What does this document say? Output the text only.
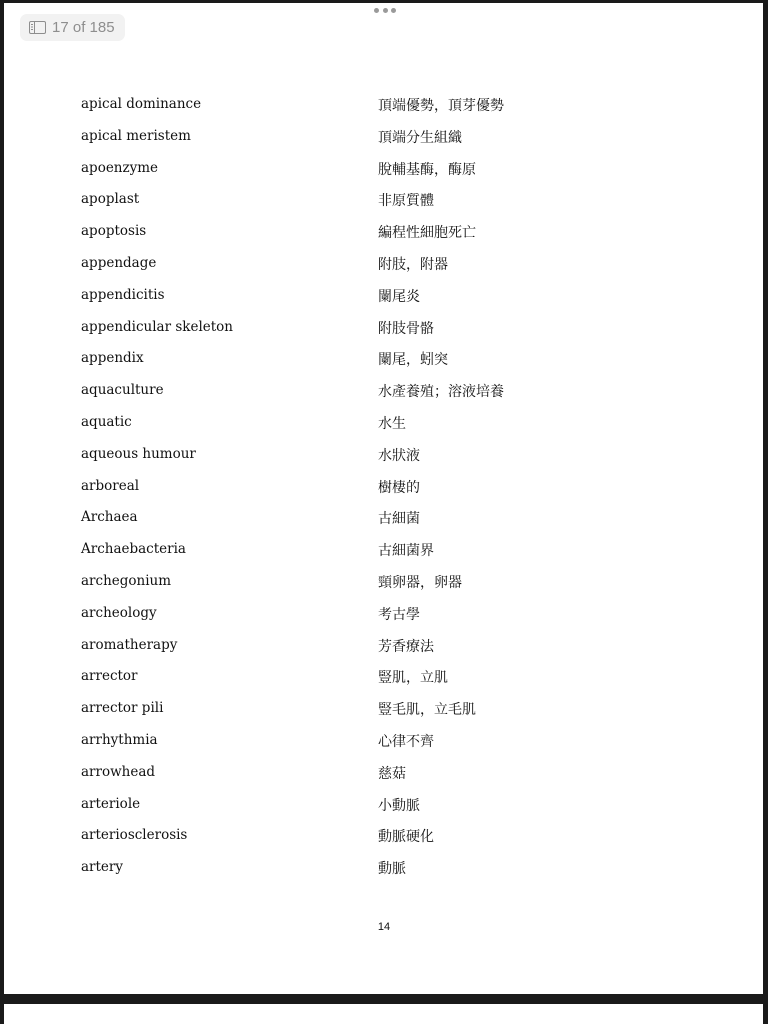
17 of 185
apical dominance	頂端優勢，頂芽優勢
apical meristem	頂端分生組織
apoenzyme	脫輔基酶，酶原
apoplast	非原質體
apoptosis	編程性細胞死亡
appendage	附肢，附器
appendicitis	闌尾炎
appendicular skeleton	附肢骨骼
appendix	闌尾，蚓突
aquaculture	水產養殖；溶液培養
aquatic	水生
aqueous humour	水狀液
arboreal	樹棲的
Archaea	古細菌
Archaebacteria	古細菌界
archegonium	頸卵器，卵器
archeology	考古學
aromatherapy	芳香療法
arrector	豎肌，立肌
arrector pili	豎毛肌，立毛肌
arrhythmia	心律不齊
arrowhead	慈菇
arteriole	小動脈
arteriosclerosis	動脈硬化
artery	動脈
14
